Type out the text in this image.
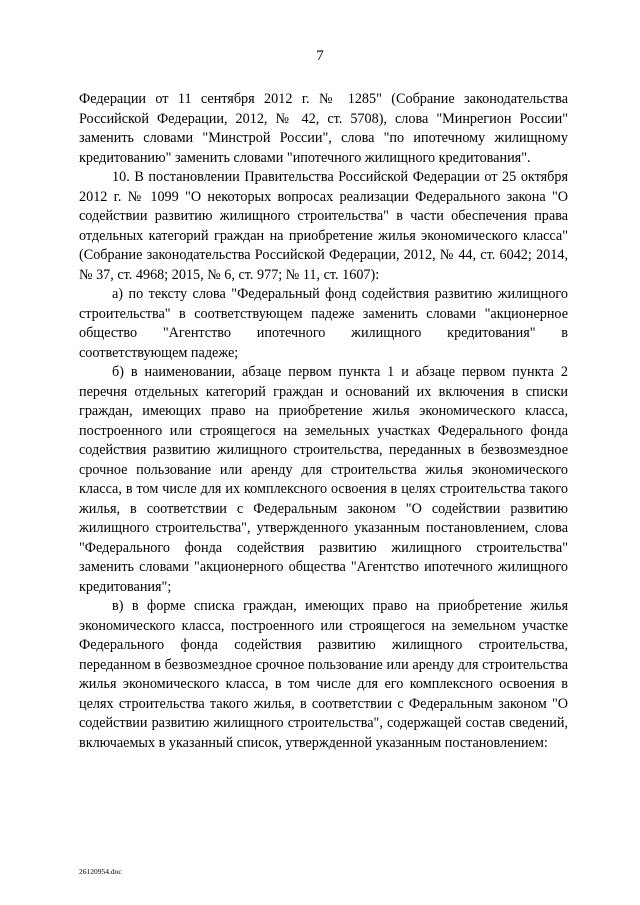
7

Федерации от 11 сентября 2012 г. № 1285" (Собрание законодательства Российской Федерации, 2012, № 42, ст. 5708), слова "Минрегион России" заменить словами "Минстрой России", слова "по ипотечному жилищному кредитованию" заменить словами "ипотечного жилищного кредитования".

10. В постановлении Правительства Российской Федерации от 25 октября 2012 г. № 1099 "О некоторых вопросах реализации Федерального закона "О содействии развитию жилищного строительства" в части обеспечения права отдельных категорий граждан на приобретение жилья экономического класса" (Собрание законодательства Российской Федерации, 2012, № 44, ст. 6042; 2014, № 37, ст. 4968; 2015, № 6, ст. 977; № 11, ст. 1607):

а) по тексту слова "Федеральный фонд содействия развитию жилищного строительства" в соответствующем падеже заменить словами "акционерное общество "Агентство ипотечного жилищного кредитования" в соответствующем падеже;

б) в наименовании, абзаце первом пункта 1 и абзаце первом пункта 2 перечня отдельных категорий граждан и оснований их включения в списки граждан, имеющих право на приобретение жилья экономического класса, построенного или строящегося на земельных участках Федерального фонда содействия развитию жилищного строительства, переданных в безвозмездное срочное пользование или аренду для строительства жилья экономического класса, в том числе для их комплексного освоения в целях строительства такого жилья, в соответствии с Федеральным законом "О содействии развитию жилищного строительства", утвержденного указанным постановлением, слова "Федерального фонда содействия развитию жилищного строительства" заменить словами "акционерного общества "Агентство ипотечного жилищного кредитования";

в) в форме списка граждан, имеющих право на приобретение жилья экономического класса, построенного или строящегося на земельном участке Федерального фонда содействия развитию жилищного строительства, переданном в безвозмездное срочное пользование или аренду для строительства жилья экономического класса, в том числе для его комплексного освоения в целях строительства такого жилья, в соответствии с Федеральным законом "О содействии развитию жилищного строительства", содержащей состав сведений, включаемых в указанный список, утвержденной указанным постановлением:

26120954.doc
